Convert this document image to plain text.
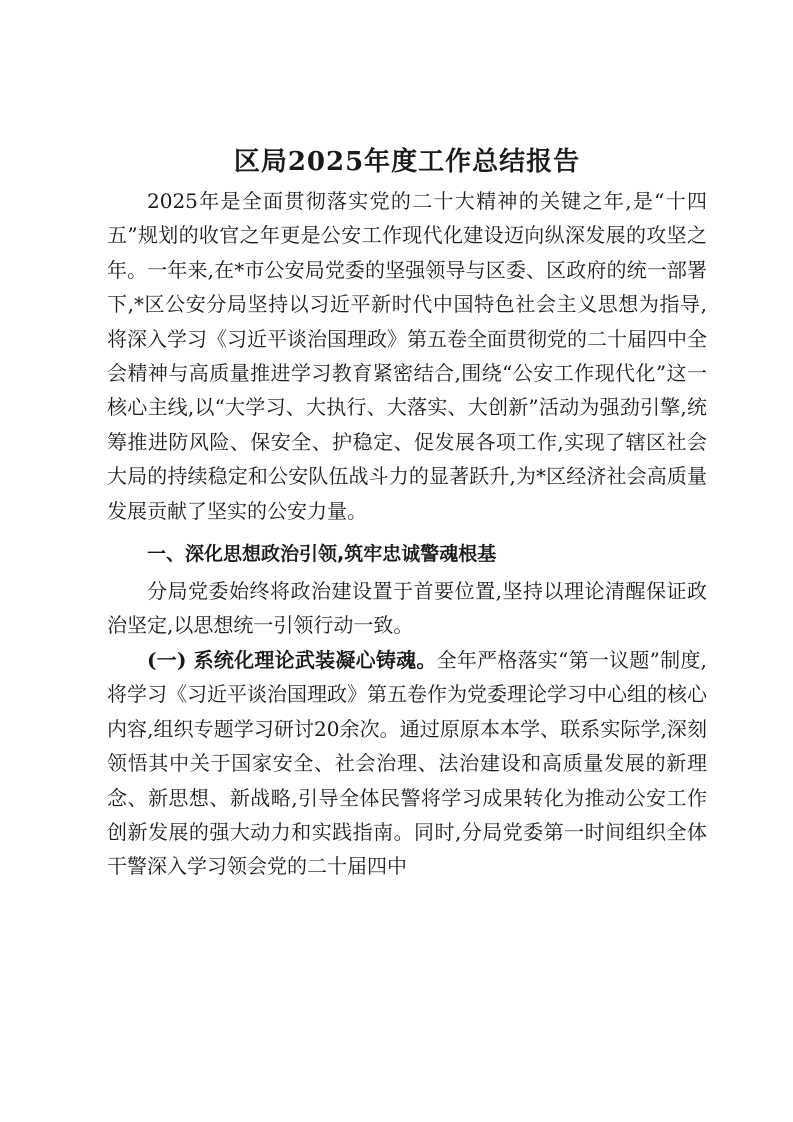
区局2025年度工作总结报告

2025年是全面贯彻落实党的二十大精神的关键之年,是“十四五”规划的收官之年更是公安工作现代化建设迈向纵深发展的攻坚之年。一年来,在*市公安局党委的坚强领导与区委、区政府的统一部署下,*区公安分局坚持以习近平新时代中国特色社会主义思想为指导,将深入学习《习近平谈治国理政》第五卷全面贯彻党的二十届四中全会精神与高质量推进学习教育紧密结合,围绕“公安工作现代化”这一核心主线,以“大学习、大执行、大落实、大创新”活动为强劲引擎,统筹推进防风险、保安全、护稳定、促发展各项工作,实现了辖区社会大局的持续稳定和公安队伍战斗力的显著跃升,为*区经济社会高质量发展贡献了坚实的公安力量。

一、深化思想政治引领,筑牢忠诚警魂根基

分局党委始终将政治建设置于首要位置,坚持以理论清醒保证政治坚定,以思想统一引领行动一致。

(一) 系统化理论武装凝心铸魂。全年严格落实“第一议题”制度,将学习《习近平谈治国理政》第五卷作为党委理论学习中心组的核心内容,组织专题学习研讨20余次。通过原原本本学、联系实际学,深刻领悟其中关于国家安全、社会治理、法治建设和高质量发展的新理念、新思想、新战略,引导全体民警将学习成果转化为推动公安工作创新发展的强大动力和实践指南。同时,分局党委第一时间组织全体干警深入学习领会党的二十届四中
